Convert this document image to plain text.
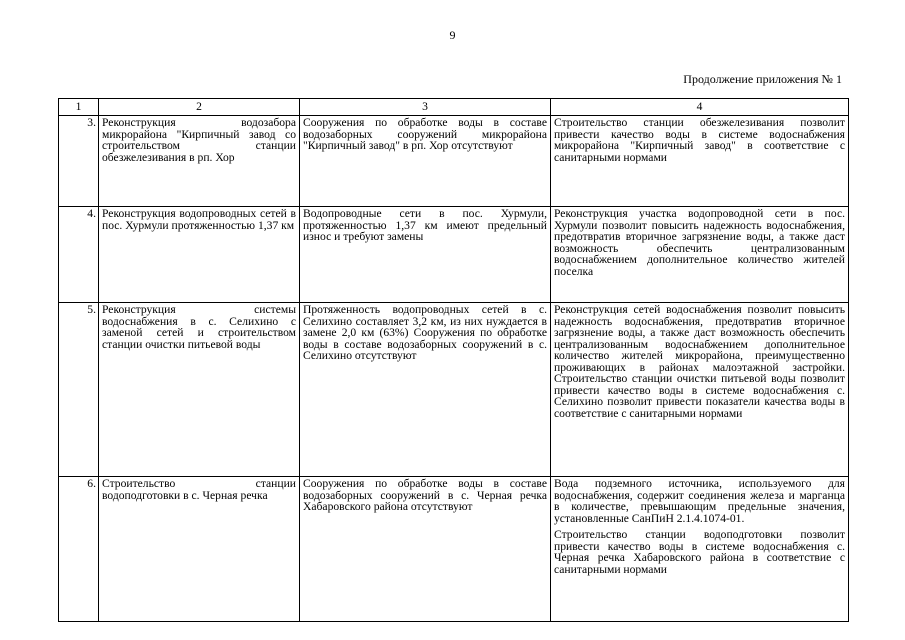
9
Продолжение приложения № 1
1	2	3	4
3.	Реконструкция водозабора микрорайона "Кирпичный завод со строительством станции обезжелезивания в рп. Хор	Сооружения по обработке воды в составе водозаборных сооружений микрорайона "Кирпичный завод" в рп. Хор отсутствуют	Строительство станции обезжелезивания позволит привести качество воды в системе водоснабжения микрорайона "Кирпичный завод" в соответствие с санитарными нормами

4.	Реконструкция водопроводных сетей в пос. Хурмули протяженностью 1,37 км	Водопроводные сети в пос. Хурмули, протяженностью 1,37 км имеют предельный износ и требуют замены	Реконструкция участка водопроводной сети в пос. Хурмули позволит повысить надежность водоснабжения, предотвратив вторичное загрязнение воды, а также даст возможность обеспечить централизованным водоснабжением дополнительное количество жителей поселка

5.	Реконструкция системы водоснабжения в с. Селихино с заменой сетей и строительством станции очистки питьевой воды	Протяженность водопроводных сетей в с. Селихино составляет 3,2 км, из них нуждается в замене 2,0 км (63%) Сооружения по обработке воды в составе водозаборных сооружений в с. Селихино отсутствуют	Реконструкция сетей водоснабжения позволит повысить надежность водоснабжения, предотвратив вторичное загрязнение воды, а также даст возможность обеспечить централизованным водоснабжением дополнительное количество жителей микрорайона, преимущественно проживающих в районах малоэтажной застройки. Строительство станции очистки питьевой воды позволит привести качество воды в системе водоснабжения с. Селихино позволит привести показатели качества воды в соответствие с санитарными нормами

6.	Строительство станции водоподготовки в с. Черная речка	Сооружения по обработке воды в составе водозаборных сооружений в с. Черная речка Хабаровского района отсутствуют	Вода подземного источника, используемого для водоснабжения, содержит соединения железа и марганца в количестве, превышающим предельные значения, установленные СанПиН 2.1.4.1074-01.
Строительство станции водоподготовки позволит привести качество воды в системе водоснабжения с. Черная речка Хабаровского района в соответствие с санитарными нормами
